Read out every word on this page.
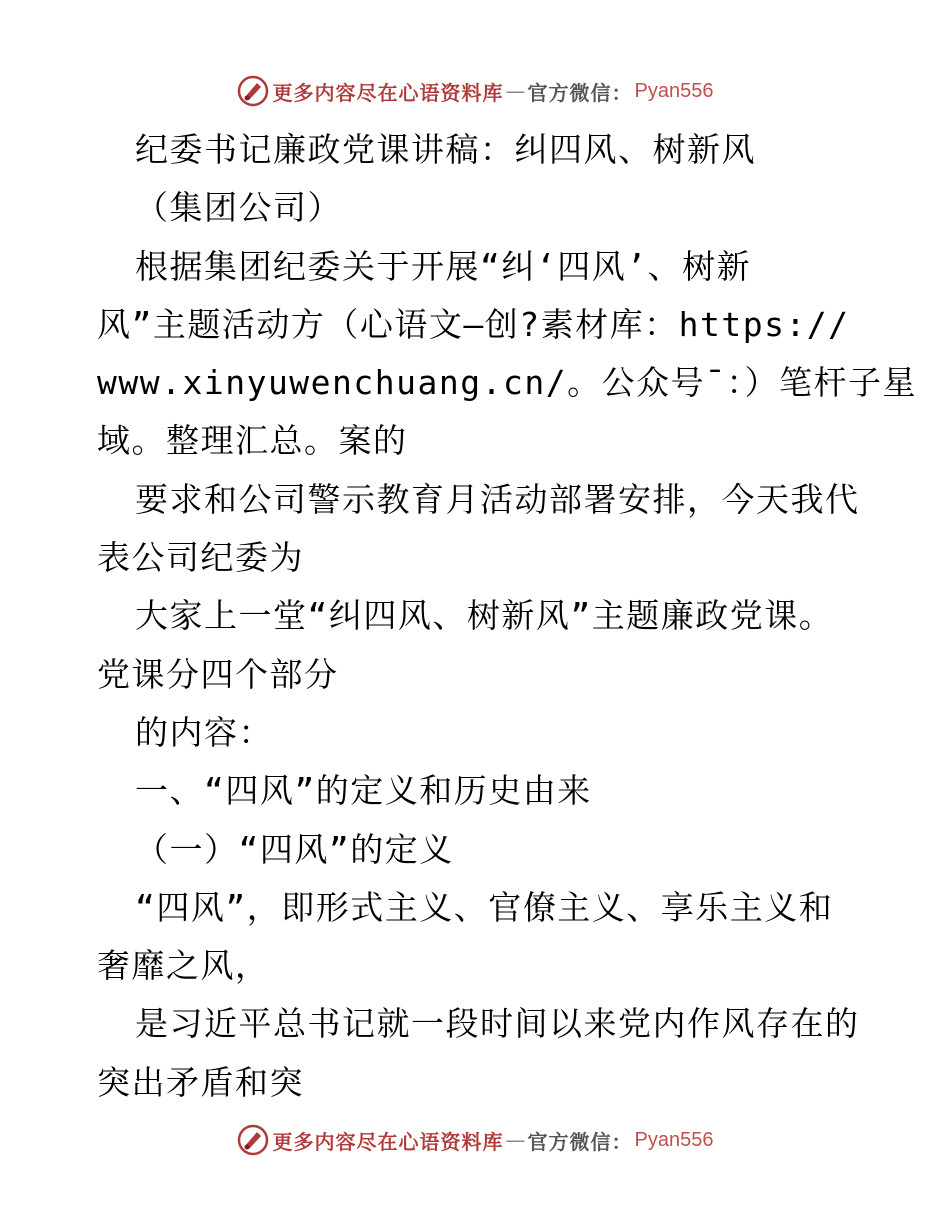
更多内容尽在心语资料库 — 官方微信： Pyan556
纪委书记廉政党课讲稿：纠四风、树新风
（集团公司）
根据集团纪委关于开展“纠‘四风’、树新
风”主题活动方（心语文—创?素材库：https://
www.xinyuwenchuang.cn/。公众号¯：）笔杆子星
域。整理汇总。案的
要求和公司警示教育月活动部署安排，今天我代
表公司纪委为
大家上一堂“纠四风、树新风”主题廉政党课。
党课分四个部分
的内容：
一、“四风”的定义和历史由来
（一）“四风”的定义
“四风”，即形式主义、官僚主义、享乐主义和
奢靡之风，
是习近平总书记就一段时间以来党内作风存在的
突出矛盾和突
更多内容尽在心语资料库 — 官方微信： Pyan556
